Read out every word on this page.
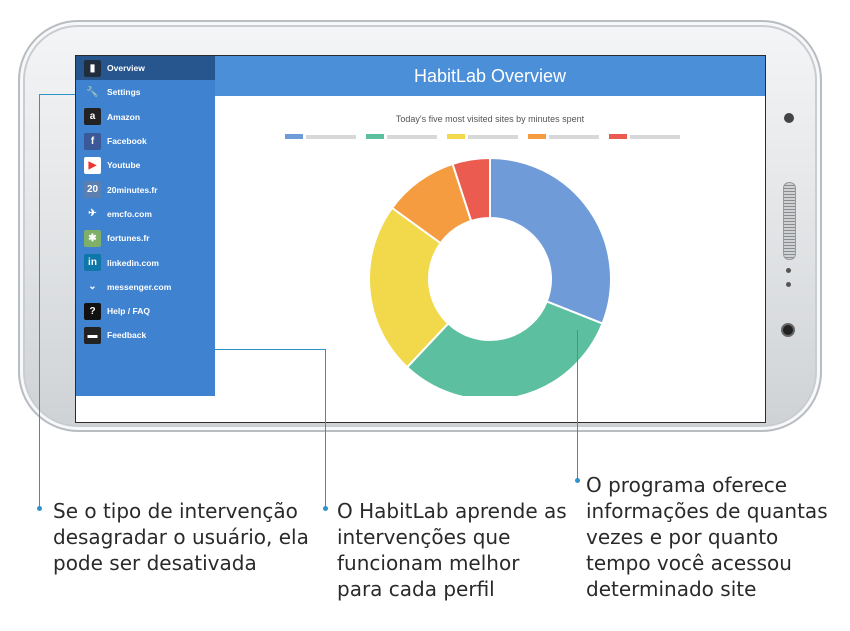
▮	Overview
🔧 Settings
a	Amazon
f	Facebook
▶	Youtube
20	20minutes.fr
✈	emcfo.com
✱	fortunes.fr
in	linkedin.com
⌄	messenger.com
?	Help / FAQ
▬	Feedback
HabitLab Overview
Today's five most visited sites by minutes spent
Se o tipo de intervenção desagradar o usuário, ela pode ser desativada
O HabitLab aprende as intervenções que funcionam melhor para cada perfil
O programa oferece informações de quantas vezes e por quanto tempo você acessou determinado site
